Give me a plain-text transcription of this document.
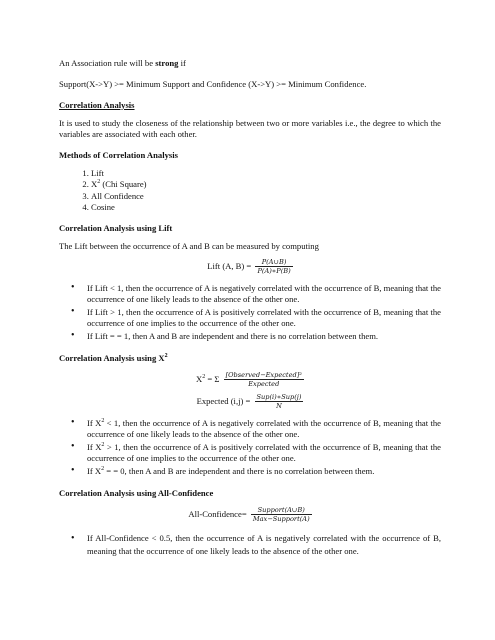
An Association rule will be strong if

Support(X->Y) >= Minimum Support and Confidence (X->Y) >= Minimum Confidence.

Correlation Analysis

It is used to study the closeness of the relationship between two or more variables i.e., the degree to which the variables are associated with each other.

Methods of Correlation Analysis

1. Lift
2. $X^2$ (Chi Square)
3. All Confidence
4. Cosine

Correlation Analysis using Lift

The Lift between the occurrence of A and B can be measured by computing

Lift (A, $B) = \frac{P(A\cup B)}{P(A)∗P(B)}$
• If Lift < 1, then the occurrence of A is negatively correlated with the occurrence of B, meaning that the occurrence of one likely leads to the absence of the other one.
• If Lift > 1, then the occurrence of A is positively correlated with the occurrence of B, meaning that the occurrence of one implies to the occurrence of the other one.
• If Lift = = 1, then A and B are independent and there is no correlation between them.

Correlation Analysis using $X^2$

$X^2 = \Sigma \frac{\text{[Observed−Expected]²}}{\text{Expected}}$
Expected $(i,j) = \frac{\text{Sup(i)∗Sup(j)}}{N}$
• If $X^2 < 1$, then the occurrence of A is negatively correlated with the occurrence of B, meaning that the occurrence of one likely leads to the absence of the other one.
• If $X^2 > 1$, then the occurrence of A is positively correlated with the occurrence of B, meaning that the occurrence of one implies to the occurrence of the other one.
• If $X^2$ = = 0, then A and B are independent and there is no correlation between them.

Correlation Analysis using All-Confidence

All-Confidence= $\frac{\text{Support(A∪B)}}{\text{Max−Support(A)}}$
• If All-Confidence < 0.5, then the occurrence of A is negatively correlated with the occurrence of B, meaning that the occurrence of one likely leads to the absence of the other one.
